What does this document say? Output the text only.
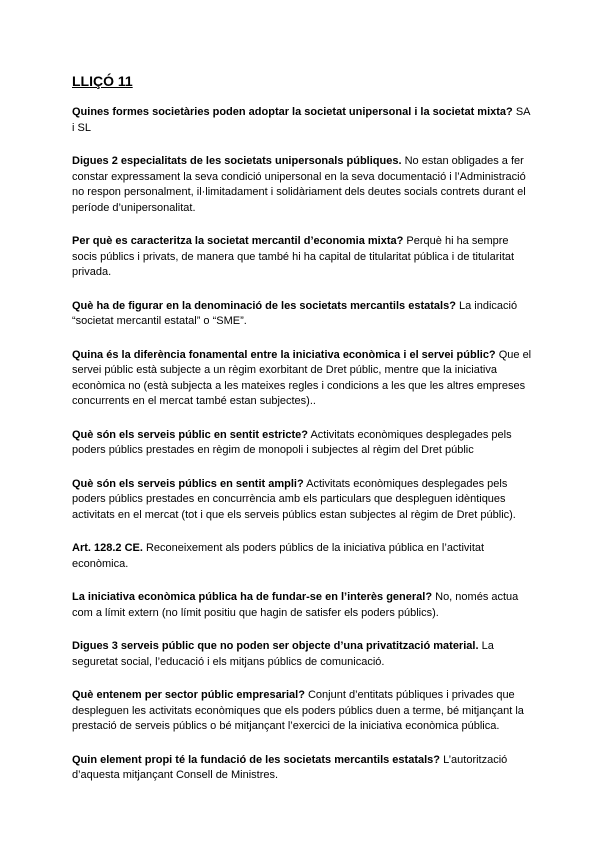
LLIÇÓ 11

Quines formes societàries poden adoptar la societat unipersonal i la societat mixta? SA i SL

Digues 2 especialitats de les societats unipersonals públiques. No estan obligades a fer constar expressament la seva condició unipersonal en la seva documentació i l’Administració no respon personalment, il·limitadament i solidàriament dels deutes socials contrets durant el període d’unipersonalitat.

Per què es caracteritza la societat mercantil d’economia mixta? Perquè hi ha sempre socis públics i privats, de manera que també hi ha capital de titularitat pública i de titularitat privada.

Què ha de figurar en la denominació de les societats mercantils estatals? La indicació “societat mercantil estatal” o “SME”.

Quina és la diferència fonamental entre la iniciativa econòmica i el servei públic? Que el servei públic està subjecte a un règim exorbitant de Dret públic, mentre que la iniciativa econòmica no (està subjecta a les mateixes regles i condicions a les que les altres empreses concurrents en el mercat també estan subjectes)..

Què són els serveis públic en sentit estricte? Activitats econòmiques desplegades pels poders públics prestades en règim de monopoli i subjectes al règim del Dret públic

Què són els serveis públics en sentit ampli? Activitats econòmiques desplegades pels poders públics prestades en concurrència amb els particulars que despleguen idèntiques activitats en el mercat (tot i que els serveis públics estan subjectes al règim de Dret públic).

Art. 128.2 CE. Reconeixement als poders públics de la iniciativa pública en l’activitat econòmica.

La iniciativa econòmica pública ha de fundar-se en l’interès general? No, només actua com a límit extern (no límit positiu que hagin de satisfer els poders públics).

Digues 3 serveis públic que no poden ser objecte d’una privatització material. La seguretat social, l’educació i els mitjans públics de comunicació.

Què entenem per sector públic empresarial? Conjunt d’entitats públiques i privades que despleguen les activitats econòmiques que els poders públics duen a terme, bé mitjançant la prestació de serveis públics o bé mitjançant l’exercici de la iniciativa econòmica pública.

Quin element propi té la fundació de les societats mercantils estatals? L’autorització d’aquesta mitjançant Consell de Ministres.
